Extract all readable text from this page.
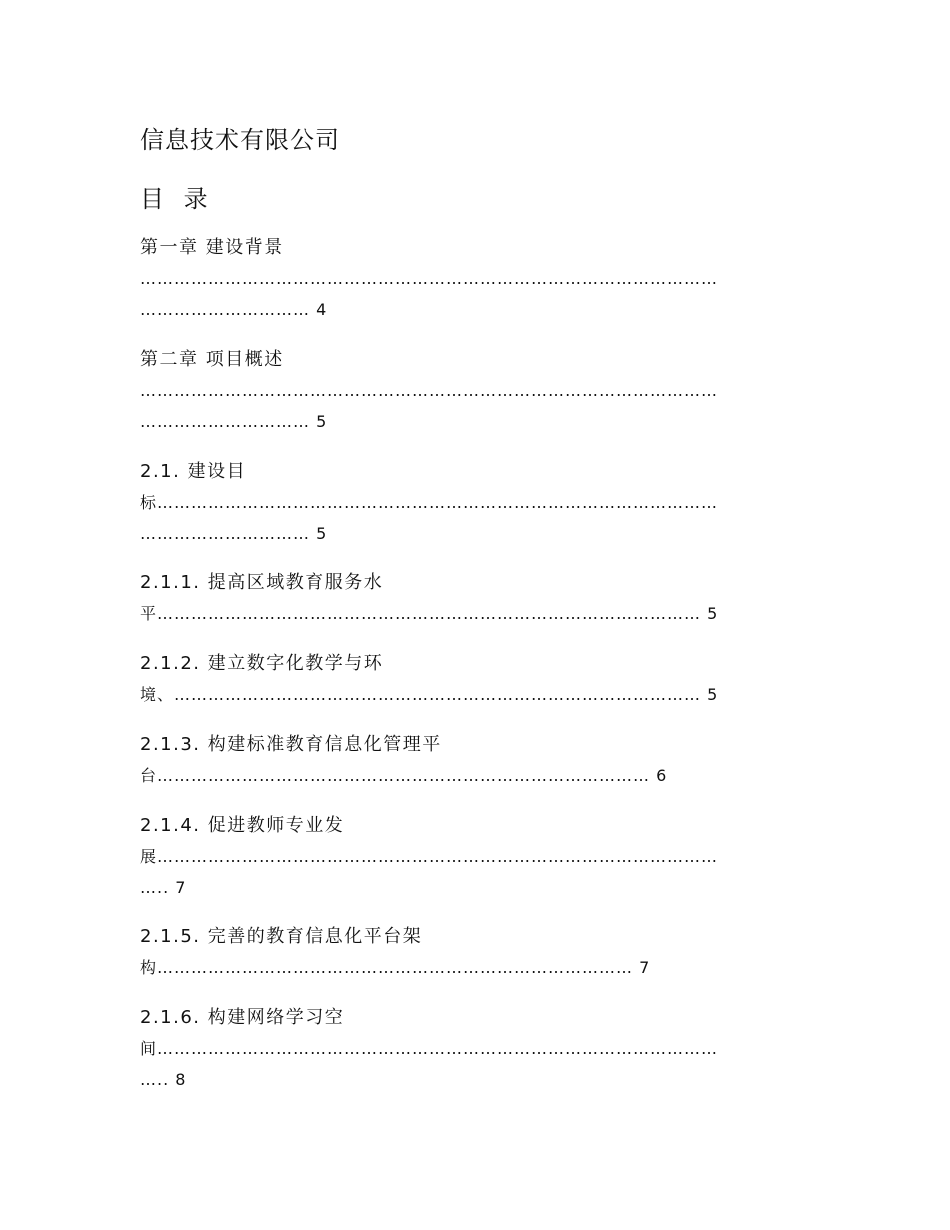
信息技术有限公司
目 录
第一章 建设背景
…………………………………………………………………………………………
………………………… 4
第二章 项目概述
…………………………………………………………………………………………
………………………… 5
2.1. 建设目
标………………………………………………………………………………………
………………………… 5
2.1.1. 提高区域教育服务水
平…………………………………………………………………………………… 5
2.1.2. 建立数字化教学与环
境、………………………………………………………………………………… 5
2.1.3. 构建标准教育信息化管理平
台…………………………………………………………………………… 6
2.1.4. 促进教师专业发
展………………………………………………………………………………………
….. 7
2.1.5. 完善的教育信息化平台架
构………………………………………………………………………… 7
2.1.6. 构建网络学习空
间………………………………………………………………………………………
….. 8
